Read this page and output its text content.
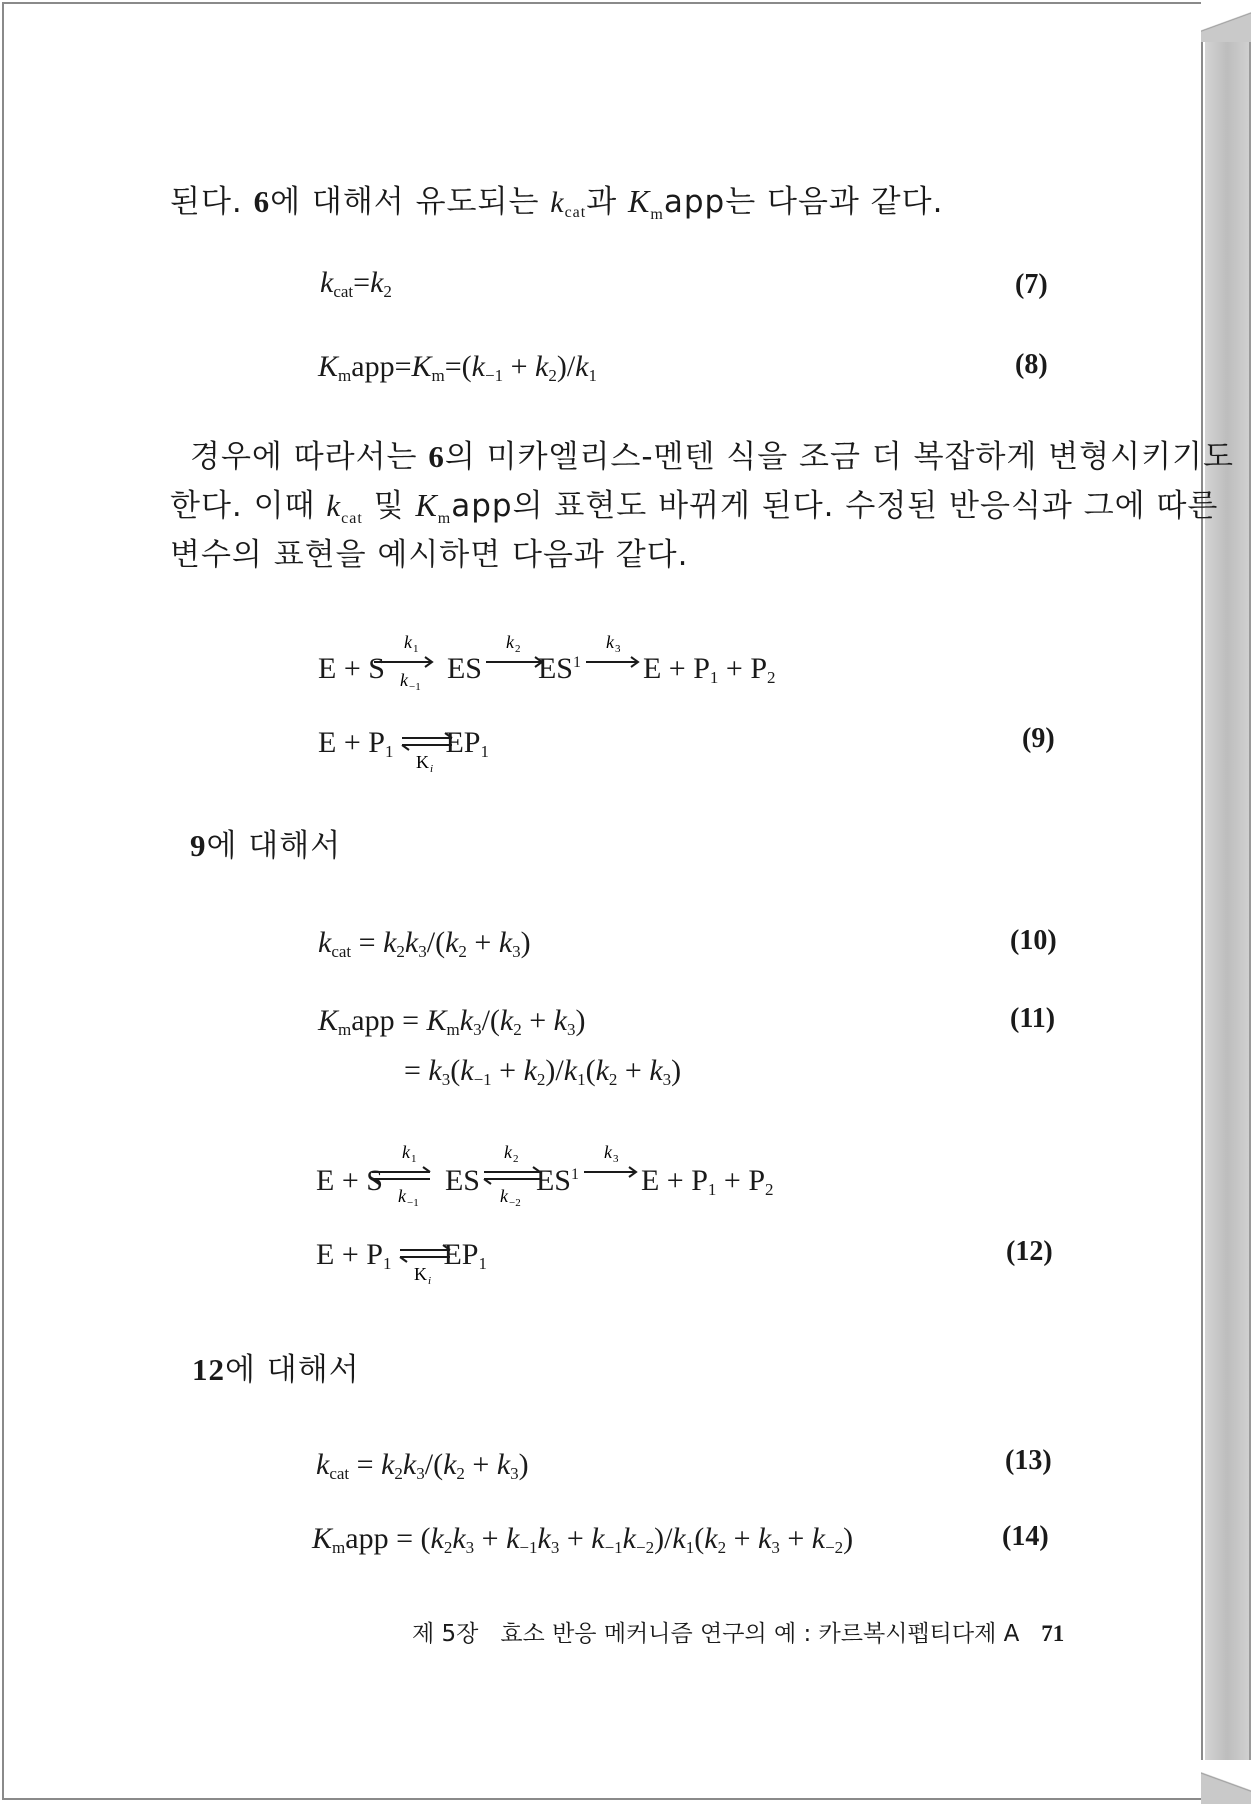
된다. 6에 대해서 유도되는 $k_{cat}$과 $K_mapp$는 다음과 같다.
$k_{cat}=k_2$	(7)
$K_mapp=K_m=(k_{-1} + k_2)/k_1$	(8)
경우에 따라서는 6의 미카엘리스-멘텐 식을 조금 더 복잡하게 변형시키기도
한다. 이때 $k_{cat}$ 및 $K_mapp$의 표현도 바뀌게 된다. 수정된 반응식과 그에 따른
변수의 표현을 예시하면 다음과 같다.
E + S ES $ES^1$ $E + P_1 + P_2$
k 1
k −1
k 2	k 3
$E + P_1$ $EP_1$
K i
(9)
9에 대해서
$k_{cat} = k_2k_3/(k_2 + k_3)$	(10)
$K_mapp = K_mk_3/(k_2 + k_3)$
= $k_3(k_{-1} + k_2)/k_1(k_2 + k_3)$
(11)
E + S ES $ES^1$ $E + P_1 + P_2$
k 1
k −1
k 2
k −2
k 3
$E + P_1$ $EP_1$
K i
(12)
12에 대해서
$k_{cat} = k_2k_3/(k_2 + k_3)$	(13)
$K_mapp = (k_2k_3 + k_{-1}k_3 + k_{-1}k_{-2})/k_1(k_2 + k_3 + k_{-2})$	(14)
제 5장 효소 반응 메커니즘 연구의 예 : 카르복시펩티다제 A 71
